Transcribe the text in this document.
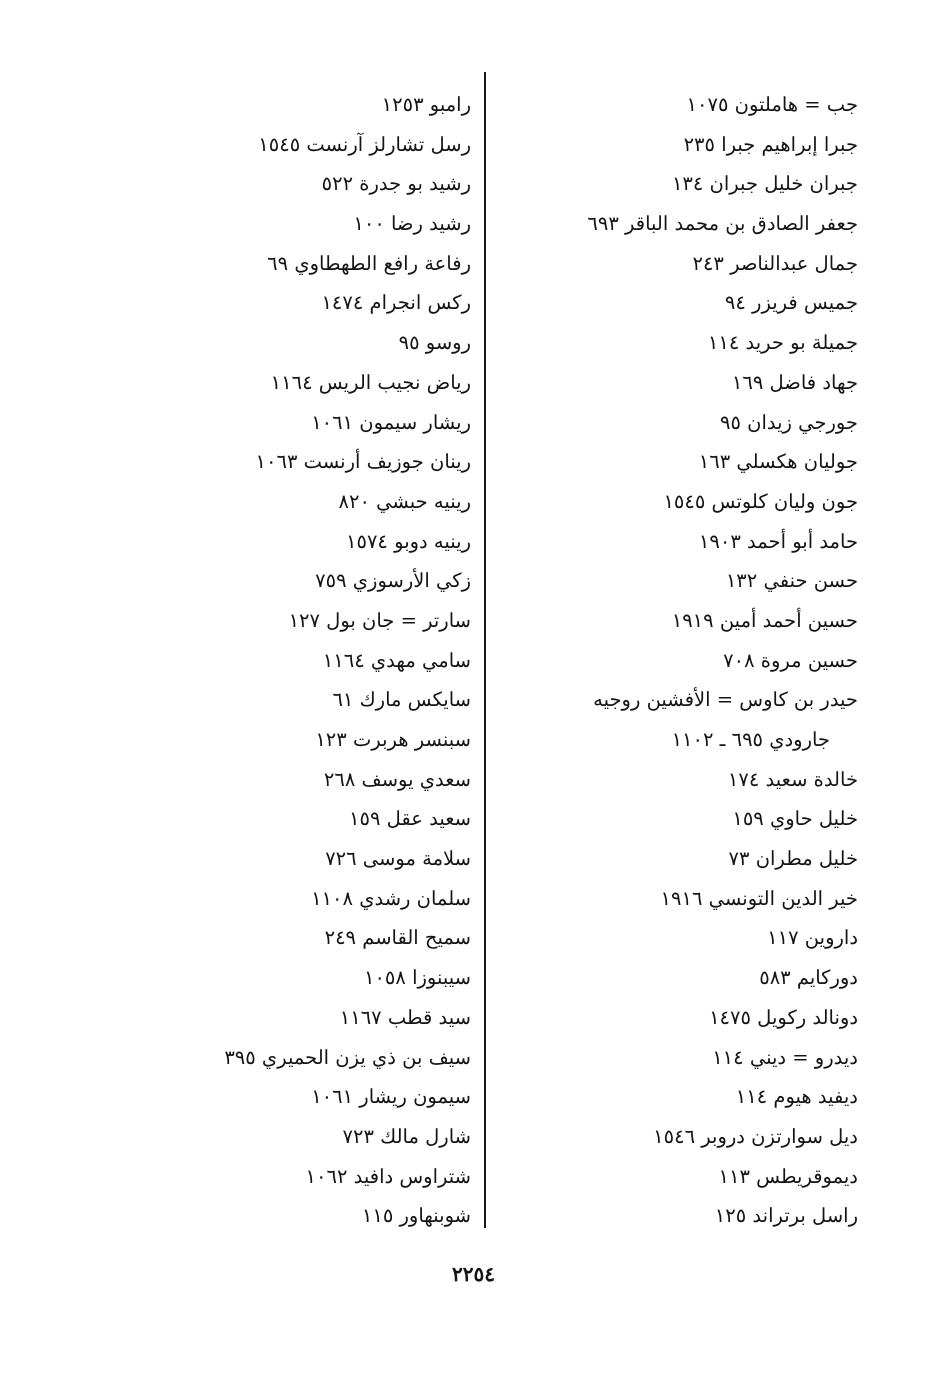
جب = هاملتون ١٠٧٥
جبرا إبراهيم جبرا ٢٣٥
جبران خليل جبران ١٣٤
جعفر الصادق بن محمد الباقر ٦٩٣
جمال عبدالناصر ٢٤٣
جميس فريزر ٩٤
جميلة بو حريد ١١٤
جهاد فاضل ١٦٩
جورجي زيدان ٩٥
جوليان هكسلي ١٦٣
جون وليان كلوتس ١٥٤٥
حامد أبو أحمد ١٩٠٣
حسن حنفي ١٣٢
حسين أحمد أمين ١٩١٩
حسين مروة ٧٠٨
حيدر بن كاوس = الأفشين روجيه
جارودي ٦٩٥ ـ ١١٠٢
خالدة سعيد ١٧٤
خليل حاوي ١٥٩
خليل مطران ٧٣
خير الدين التونسي ١٩١٦
داروين ١١٧
دوركايم ٥٨٣
دونالد ركويل ١٤٧٥
ديدرو = ديني ١١٤
ديفيد هيوم ١١٤
ديل سوارتزن دروبر ١٥٤٦
ديموقريطس ١١٣
راسل برتراند ١٢٥
رامبو ١٢٥٣
رسل تشارلز آرنست ١٥٤٥
رشيد بو جدرة ٥٢٢
رشيد رضا ١٠٠
رفاعة رافع الطهطاوي ٦٩
ركس انجرام ١٤٧٤
روسو ٩٥
رياض نجيب الريس ١١٦٤
ريشار سيمون ١٠٦١
رينان جوزيف أرنست ١٠٦٣
رينيه حبشي ٨٢٠
رينيه دوبو ١٥٧٤
زكي الأرسوزي ٧٥٩
سارتر = جان بول ١٢٧
سامي مهدي ١١٦٤
سايكس مارك ٦١
سبنسر هربرت ١٢٣
سعدي يوسف ٢٦٨
سعيد عقل ١٥٩
سلامة موسى ٧٢٦
سلمان رشدي ١١٠٨
سميح القاسم ٢٤٩
سيبنوزا ١٠٥٨
سيد قطب ١١٦٧
سيف بن ذي يزن الحميري ٣٩٥
سيمون ريشار ١٠٦١
شارل مالك ٧٢٣
شتراوس دافيد ١٠٦٢
شوبنهاور ١١٥
٢٢٥٤
